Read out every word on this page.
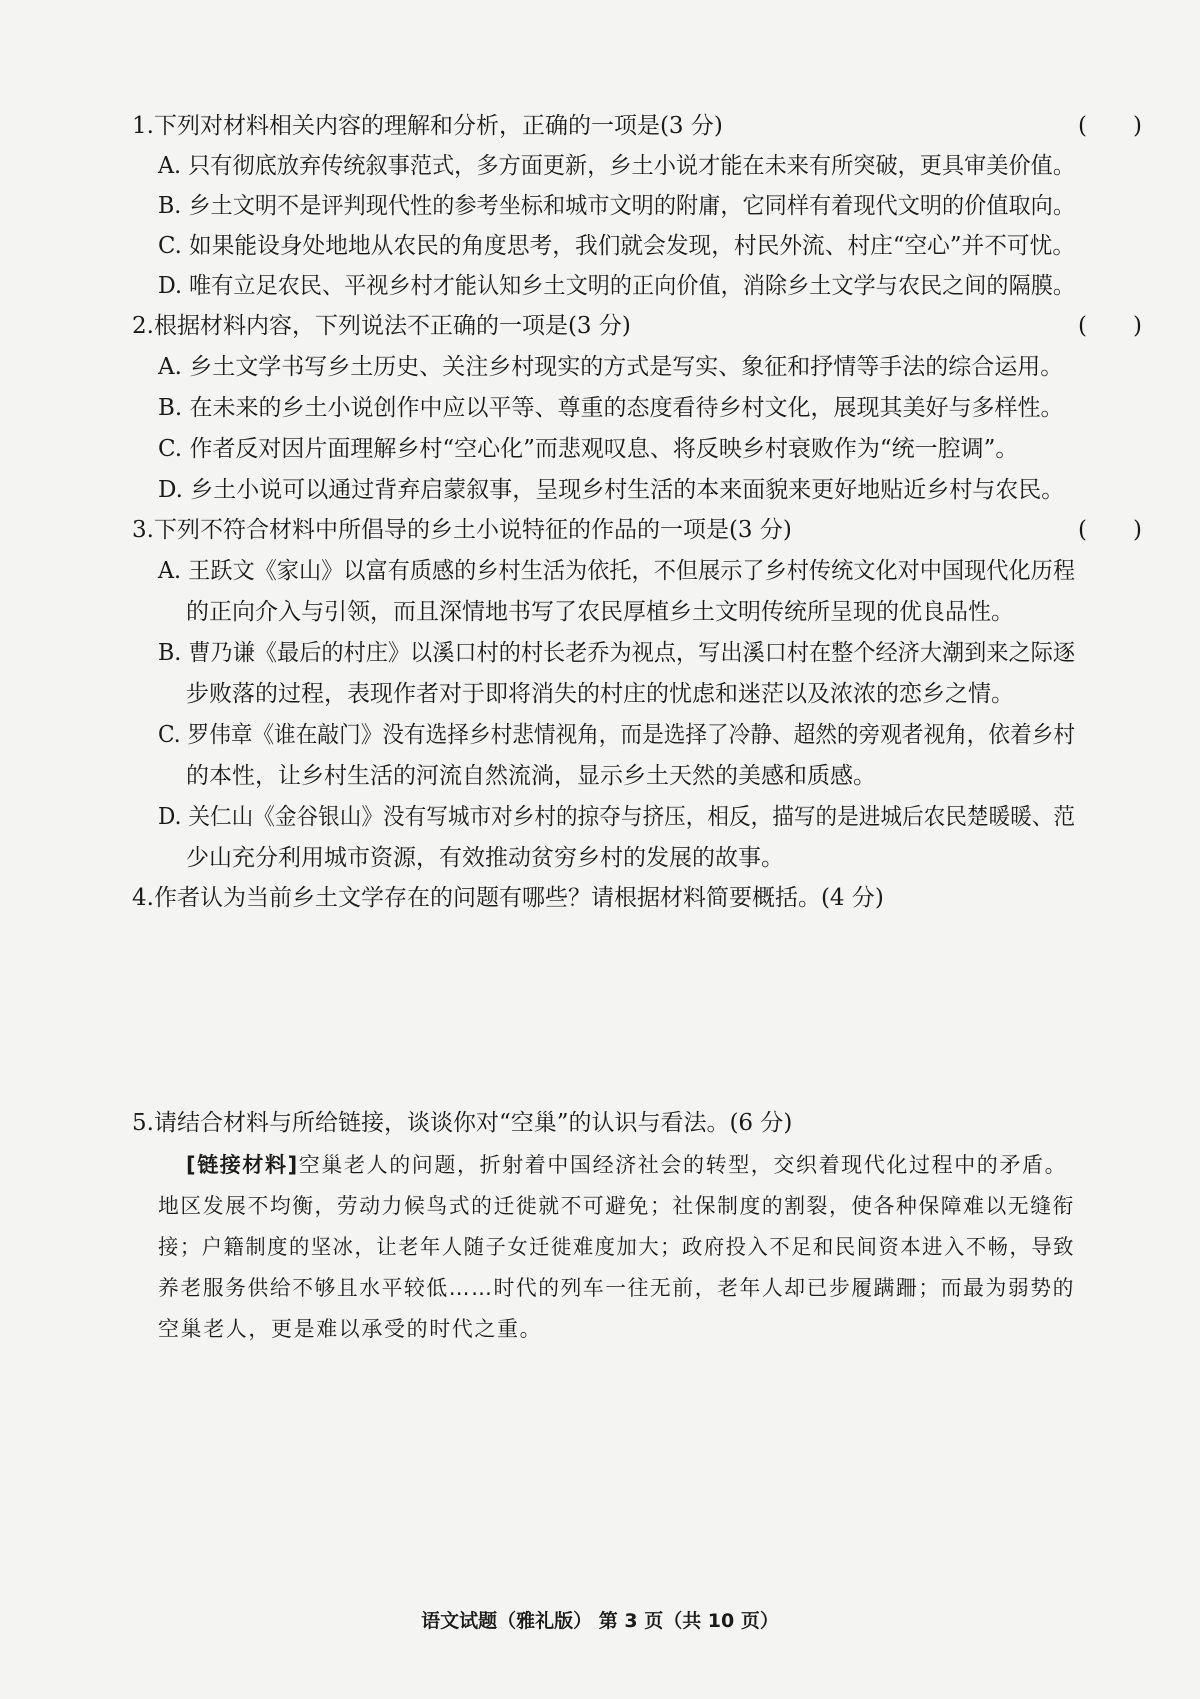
1.下列对材料相关内容的理解和分析，正确的一项是(3 分)	(　　)
A. 只有彻底放弃传统叙事范式，多方面更新，乡土小说才能在未来有所突破，更具审美价值。
B. 乡土文明不是评判现代性的参考坐标和城市文明的附庸，它同样有着现代文明的价值取向。
C. 如果能设身处地地从农民的角度思考，我们就会发现，村民外流、村庄“空心”并不可忧。
D. 唯有立足农民、平视乡村才能认知乡土文明的正向价值，消除乡土文学与农民之间的隔膜。
2.根据材料内容，下列说法不正确的一项是(3 分)	(　　)
A. 乡土文学书写乡土历史、关注乡村现实的方式是写实、象征和抒情等手法的综合运用。
B. 在未来的乡土小说创作中应以平等、尊重的态度看待乡村文化，展现其美好与多样性。
C. 作者反对因片面理解乡村“空心化”而悲观叹息、将反映乡村衰败作为“统一腔调”。
D. 乡土小说可以通过背弃启蒙叙事，呈现乡村生活的本来面貌来更好地贴近乡村与农民。
3.下列不符合材料中所倡导的乡土小说特征的作品的一项是(3 分)	(　　)
A. 王跃文《家山》以富有质感的乡村生活为依托，不但展示了乡村传统文化对中国现代化历程
的正向介入与引领，而且深情地书写了农民厚植乡土文明传统所呈现的优良品性。
B. 曹乃谦《最后的村庄》以溪口村的村长老乔为视点，写出溪口村在整个经济大潮到来之际逐
步败落的过程，表现作者对于即将消失的村庄的忧虑和迷茫以及浓浓的恋乡之情。
C. 罗伟章《谁在敲门》没有选择乡村悲情视角，而是选择了冷静、超然的旁观者视角，依着乡村
的本性，让乡村生活的河流自然流淌，显示乡土天然的美感和质感。
D. 关仁山《金谷银山》没有写城市对乡村的掠夺与挤压，相反，描写的是进城后农民楚暖暖、范
少山充分利用城市资源，有效推动贫穷乡村的发展的故事。
4.作者认为当前乡土文学存在的问题有哪些？请根据材料简要概括。(4 分)
5.请结合材料与所给链接，谈谈你对“空巢”的认识与看法。(6 分)
[链接材料]空巢老人的问题，折射着中国经济社会的转型，交织着现代化过程中的矛盾。
地区发展不均衡，劳动力候鸟式的迁徙就不可避免；社保制度的割裂，使各种保障难以无缝衔
接；户籍制度的坚冰，让老年人随子女迁徙难度加大；政府投入不足和民间资本进入不畅，导致
养老服务供给不够且水平较低……时代的列车一往无前，老年人却已步履蹒跚；而最为弱势的
空巢老人，更是难以承受的时代之重。
语文试题（雅礼版） 第 3 页（共 10 页）
